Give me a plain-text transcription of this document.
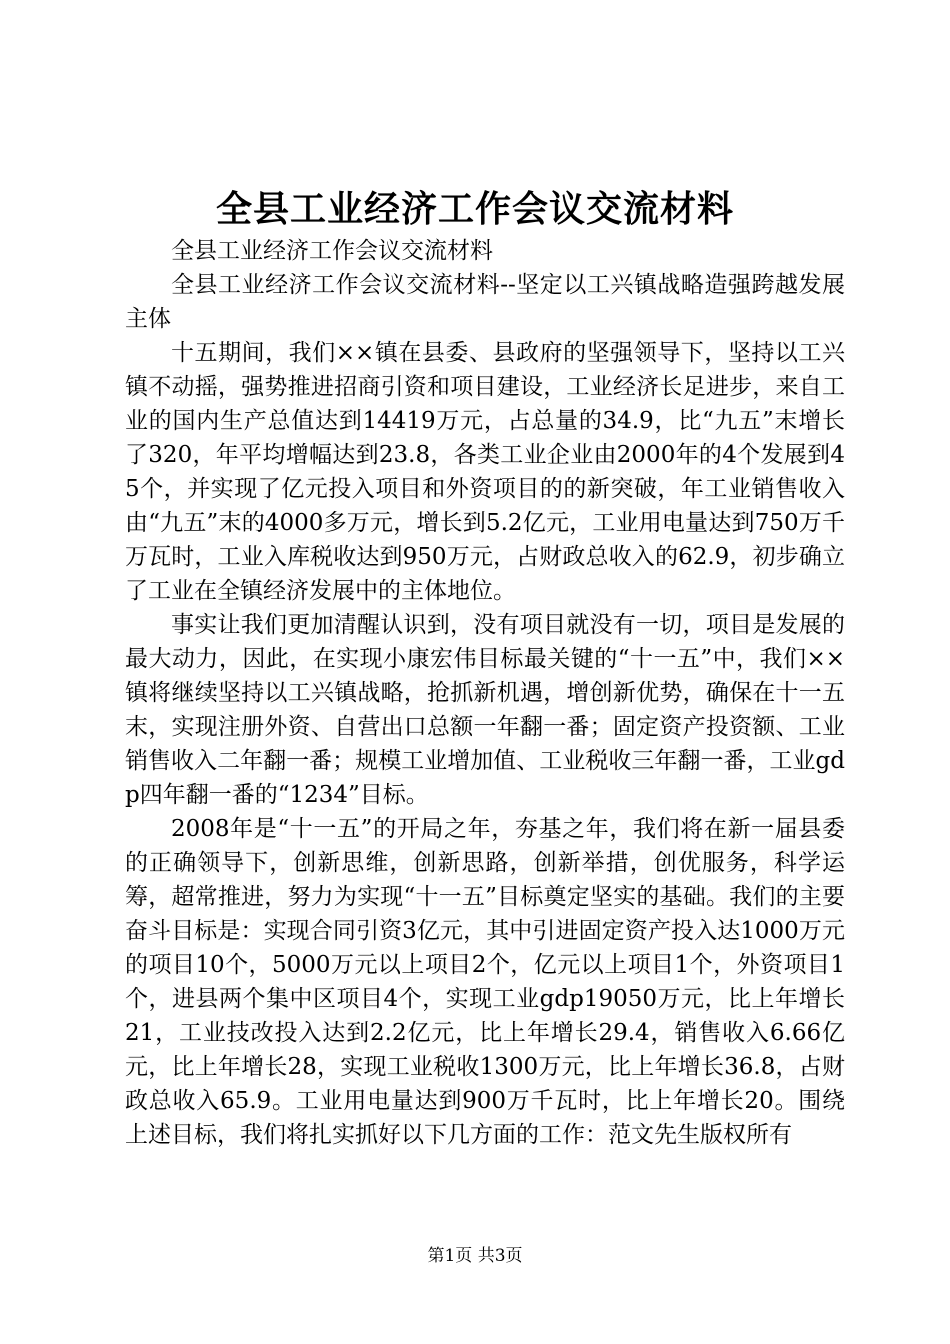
全县工业经济工作会议交流材料

全县工业经济工作会议交流材料

全县工业经济工作会议交流材料--坚定以工兴镇战略造强跨越发展主体

十五期间，我们××镇在县委、县政府的坚强领导下，坚持以工兴镇不动摇，强势推进招商引资和项目建设，工业经济长足进步，来自工业的国内生产总值达到14419万元，占总量的34.9，比“九五”末增长了320，年平均增幅达到23.8，各类工业企业由2000年的4个发展到45个，并实现了亿元投入项目和外资项目的的新突破，年工业销售收入由“九五”末的4000多万元，增长到5.2亿元，工业用电量达到750万千万瓦时，工业入库税收达到950万元，占财政总收入的62.9，初步确立了工业在全镇经济发展中的主体地位。

事实让我们更加清醒认识到，没有项目就没有一切，项目是发展的最大动力，因此，在实现小康宏伟目标最关键的“十一五”中，我们××镇将继续坚持以工兴镇战略，抢抓新机遇，增创新优势，确保在十一五末，实现注册外资、自营出口总额一年翻一番；固定资产投资额、工业销售收入二年翻一番；规模工业增加值、工业税收三年翻一番，工业gdp四年翻一番的“1234”目标。

2008年是“十一五”的开局之年，夯基之年，我们将在新一届县委的正确领导下，创新思维，创新思路，创新举措，创优服务，科学运筹，超常推进，努力为实现“十一五”目标奠定坚实的基础。我们的主要奋斗目标是：实现合同引资3亿元，其中引进固定资产投入达1000万元的项目10个，5000万元以上项目2个，亿元以上项目1个，外资项目1个，进县两个集中区项目4个，实现工业gdp19050万元，比上年增长21，工业技改投入达到2.2亿元，比上年增长29.4，销售收入6.66亿元，比上年增长28，实现工业税收1300万元，比上年增长36.8，占财政总收入65.9。工业用电量达到900万千瓦时，比上年增长20。围绕上述目标，我们将扎实抓好以下几方面的工作：范文先生版权所有

第1页 共3页
